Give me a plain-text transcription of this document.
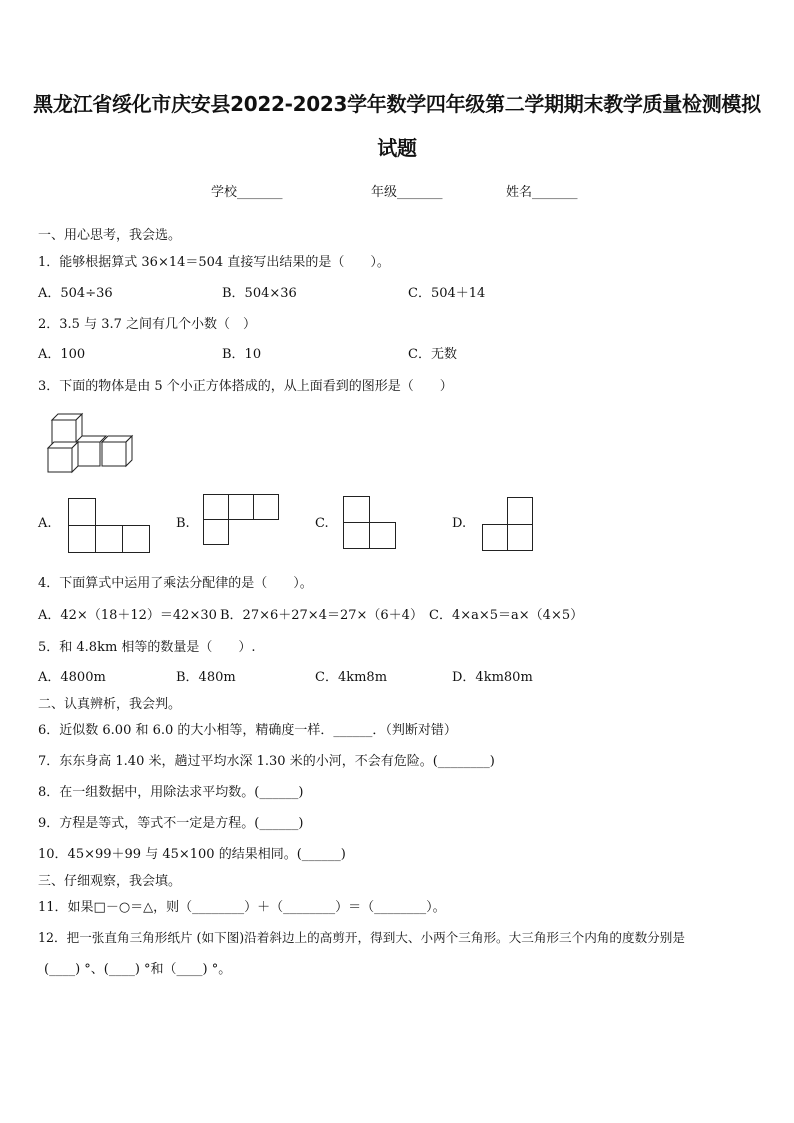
黑龙江省绥化市庆安县2022-2023学年数学四年级第二学期期末教学质量检测模拟试题
学校_______	年级_______	姓名_______
一、用心思考，我会选。
1．能够根据算式 36×14＝504 直接写出结果的是（　　）。
A．504÷36	B．504×36	C．504＋14
2．3.5 与 3.7 之间有几个小数（　）
A．100	B．10	C．无数
3．下面的物体是由 5 个小正方体搭成的，从上面看到的图形是（　　）
A.	B.	C.	D.
4．下面算式中运用了乘法分配律的是（　　）。
A．42×（18＋12）＝42×30 B．27×6＋27×4＝27×（6＋4） C．4×a×5＝a×（4×5）
5．和 4.8km 相等的数量是（　　）.
A．4800m	B．480m	C．4km8m	D．4km80m
二、认真辨析，我会判。
6．近似数 6.00 和 6.0 的大小相等，精确度一样．______．（判断对错）
7．东东身高 1.40 米，趟过平均水深 1.30 米的小河，不会有危险。(________)
8．在一组数据中，用除法求平均数。(______)
9．方程是等式，等式不一定是方程。(______)
10．45×99＋99 与 45×100 的结果相同。(______)
三、仔细观察，我会填。
11．如果□－○＝△，则（________）＋（________）＝（________）。
12．把一张直角三角形纸片 (如下图)沿着斜边上的高剪开，得到大、小两个三角形。大三角形三个内角的度数分别是
(____) °、(____) °和（____) °。
